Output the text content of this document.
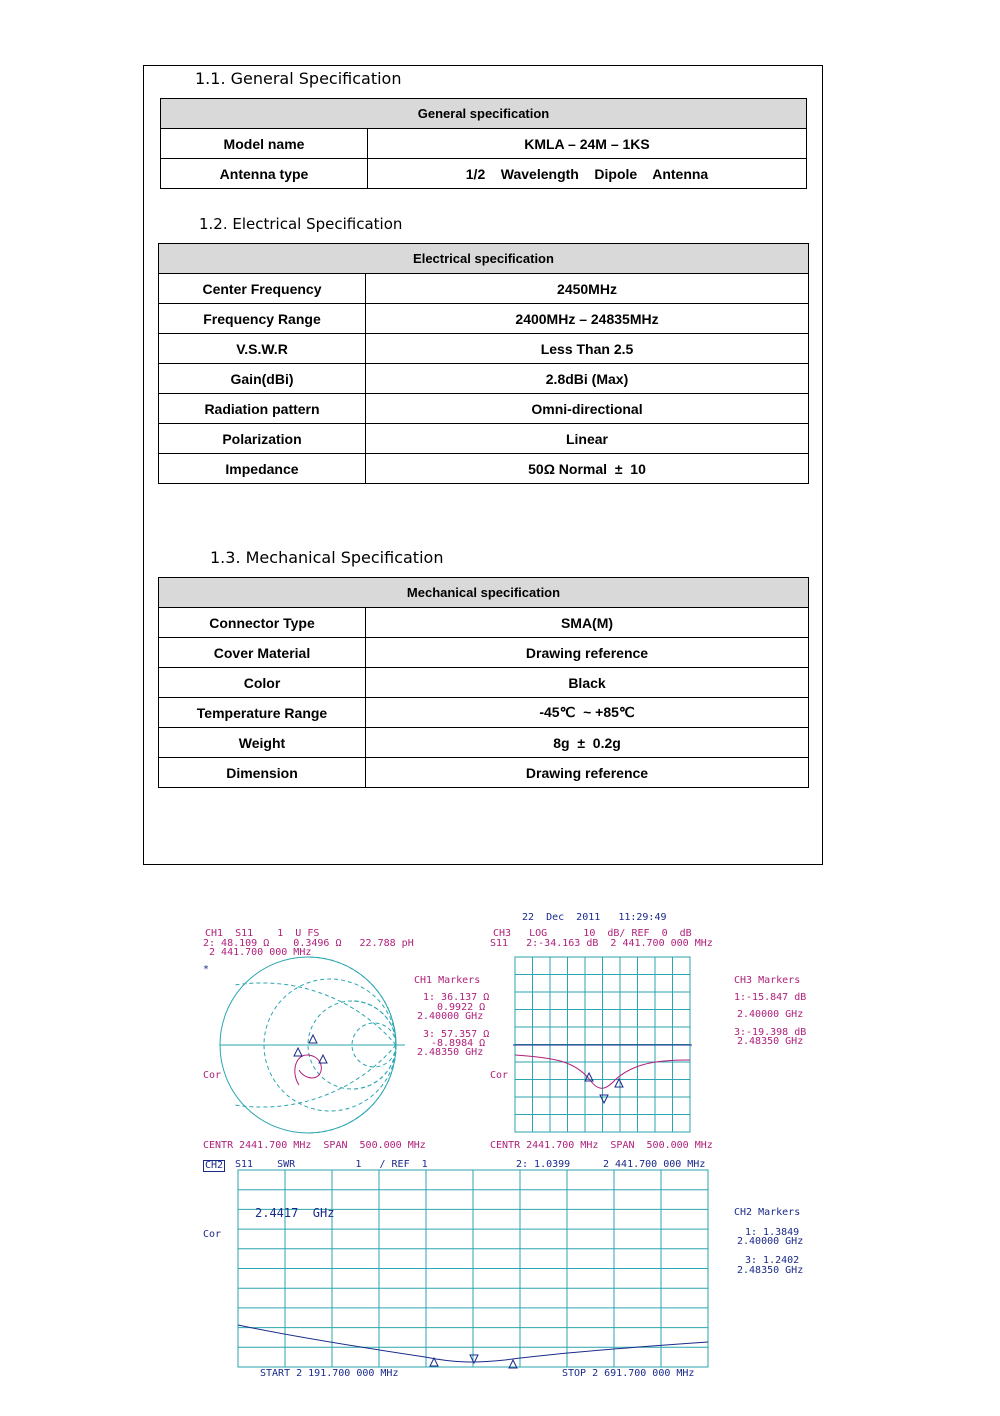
1.1. General Specification
General specification	
Model name	KMLA – 24M – 1KS
Antenna type	1/2    Wavelength    Dipole    Antenna
1.2. Electrical Specification
Electrical specification	
Center Frequency	2450MHz
Frequency Range	2400MHz – 24835MHz
V.S.W.R	Less Than 2.5
Gain(dBi)	2.8dBi (Max)
Radiation pattern	Omni-directional
Polarization	Linear
Impedance	50Ω Normal  ±  10
1.3. Mechanical Specification
Mechanical specification	
Connector Type	SMA(M)
Cover Material	Drawing reference
Color	Black
Temperature Range	-45℃  ~ +85℃
Weight	8g  ±  0.2g
Dimension	Drawing reference
22  Dec  2011   11:29:49
CH1  S11    1  U FS
2: 48.109 Ω    0.3496 Ω   22.788 pH
2 441.700 000 MHz
*
Cor
CENTR 2441.700 MHz  SPAN  500.000 MHz
CH1 Markers
1: 36.137 Ω
0.9922 Ω
2.40000 GHz
3: 57.357 Ω
-8.8984 Ω
2.48350 GHz
CH3   LOG      10  dB/ REF  0  dB
S11   2:-34.163 dB  2 441.700 000 MHz
Cor
CENTR 2441.700 MHz  SPAN  500.000 MHz
CH3 Markers
1:-15.847 dB
2.40000 GHz
3:-19.398 dB
2.48350 GHz
CH2 S11    SWR          1   / REF  1	2: 1.0399	2 441.700 000 MHz
2.4417  GHz
Cor
START 2 191.700 000 MHz	STOP 2 691.700 000 MHz
CH2 Markers
1: 1.3849
2.40000 GHz
3: 1.2402
2.48350 GHz
